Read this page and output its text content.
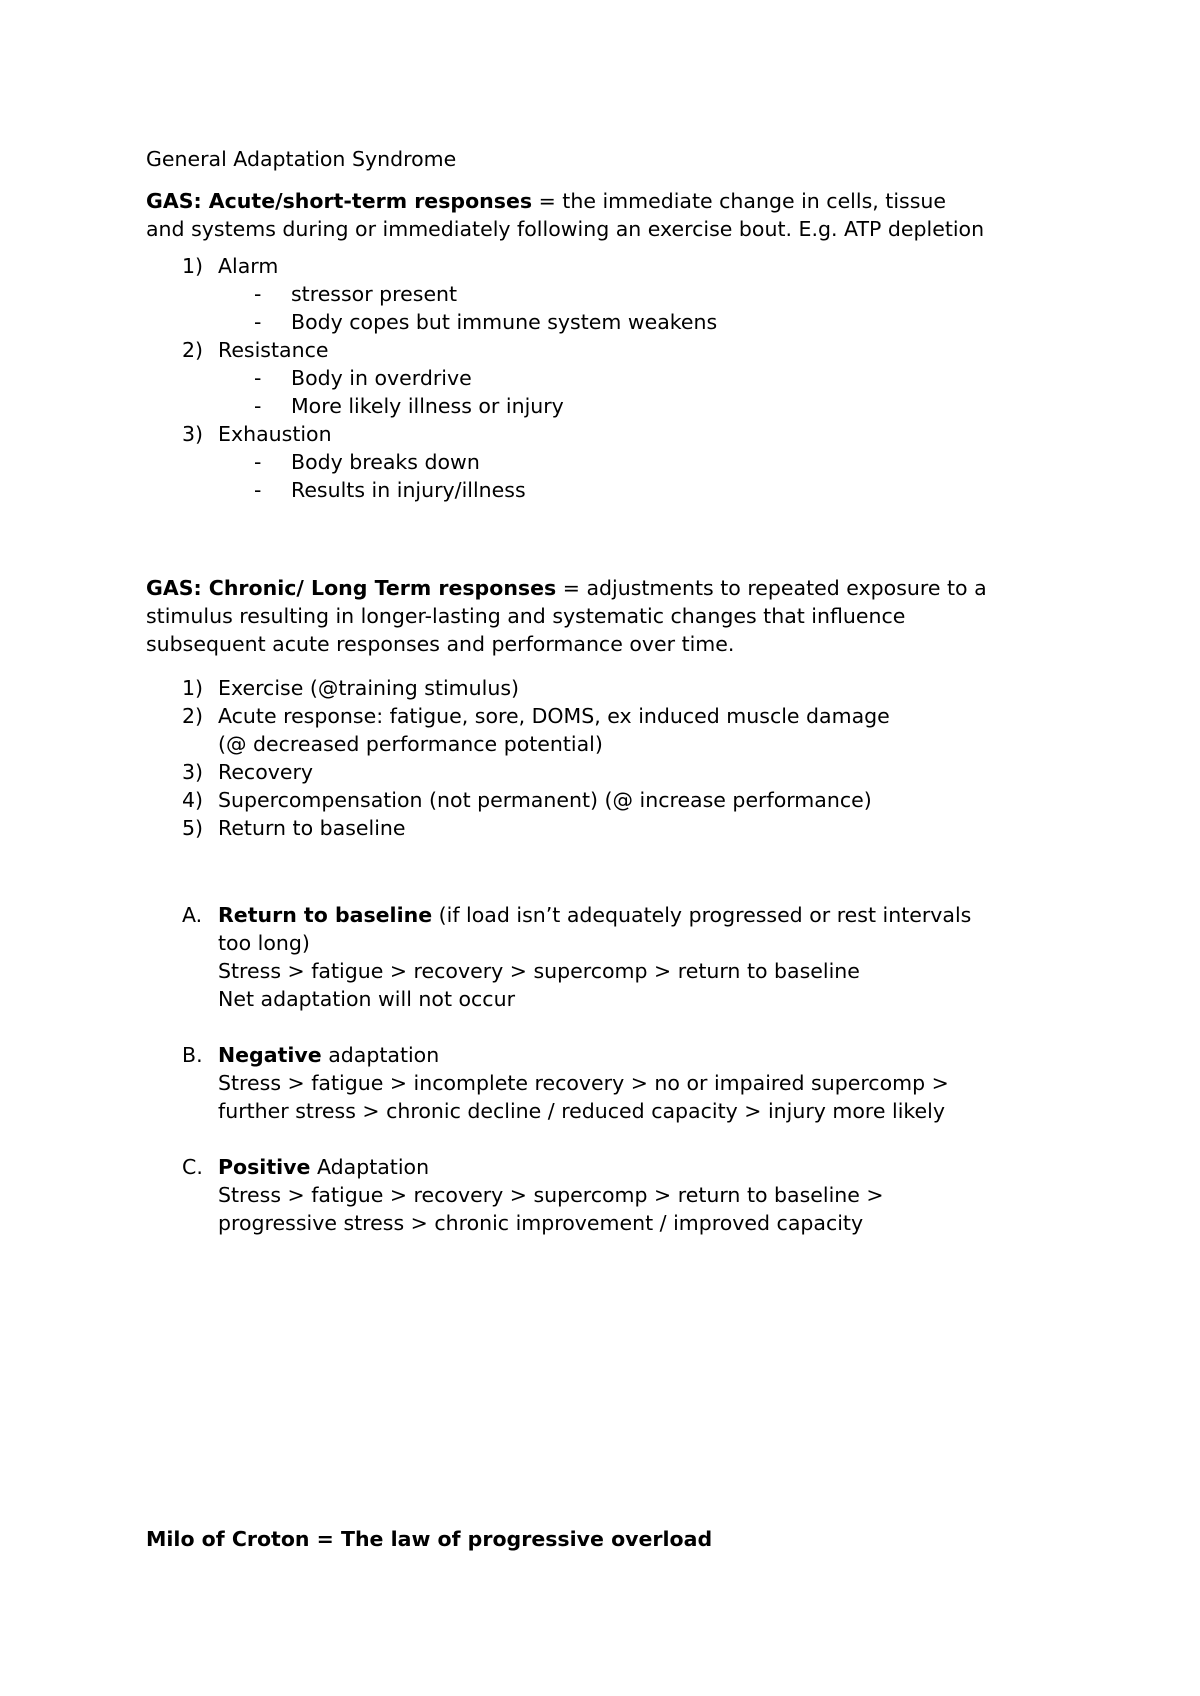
General Adaptation Syndrome
GAS: Acute/short-term responses = the immediate change in cells, tissue
and systems during or immediately following an exercise bout. E.g. ATP depletion
1) Alarm
- stressor present
- Body copes but immune system weakens
2) Resistance
- Body in overdrive
- More likely illness or injury
3) Exhaustion
- Body breaks down
- Results in injury/illness
GAS: Chronic/ Long Term responses = adjustments to repeated exposure to a
stimulus resulting in longer-lasting and systematic changes that influence
subsequent acute responses and performance over time.
1) Exercise (@training stimulus)
2) Acute response: fatigue, sore, DOMS, ex induced muscle damage
(@ decreased performance potential)
3) Recovery
4) Supercompensation (not permanent) (@ increase performance)
5) Return to baseline
A. Return to baseline (if load isn’t adequately progressed or rest intervals
too long)
Stress > fatigue > recovery > supercomp > return to baseline
Net adaptation will not occur
B. Negative adaptation
Stress > fatigue > incomplete recovery > no or impaired supercomp >
further stress > chronic decline / reduced capacity > injury more likely
C. Positive Adaptation
Stress > fatigue > recovery > supercomp > return to baseline >
progressive stress > chronic improvement / improved capacity
Milo of Croton = The law of progressive overload
